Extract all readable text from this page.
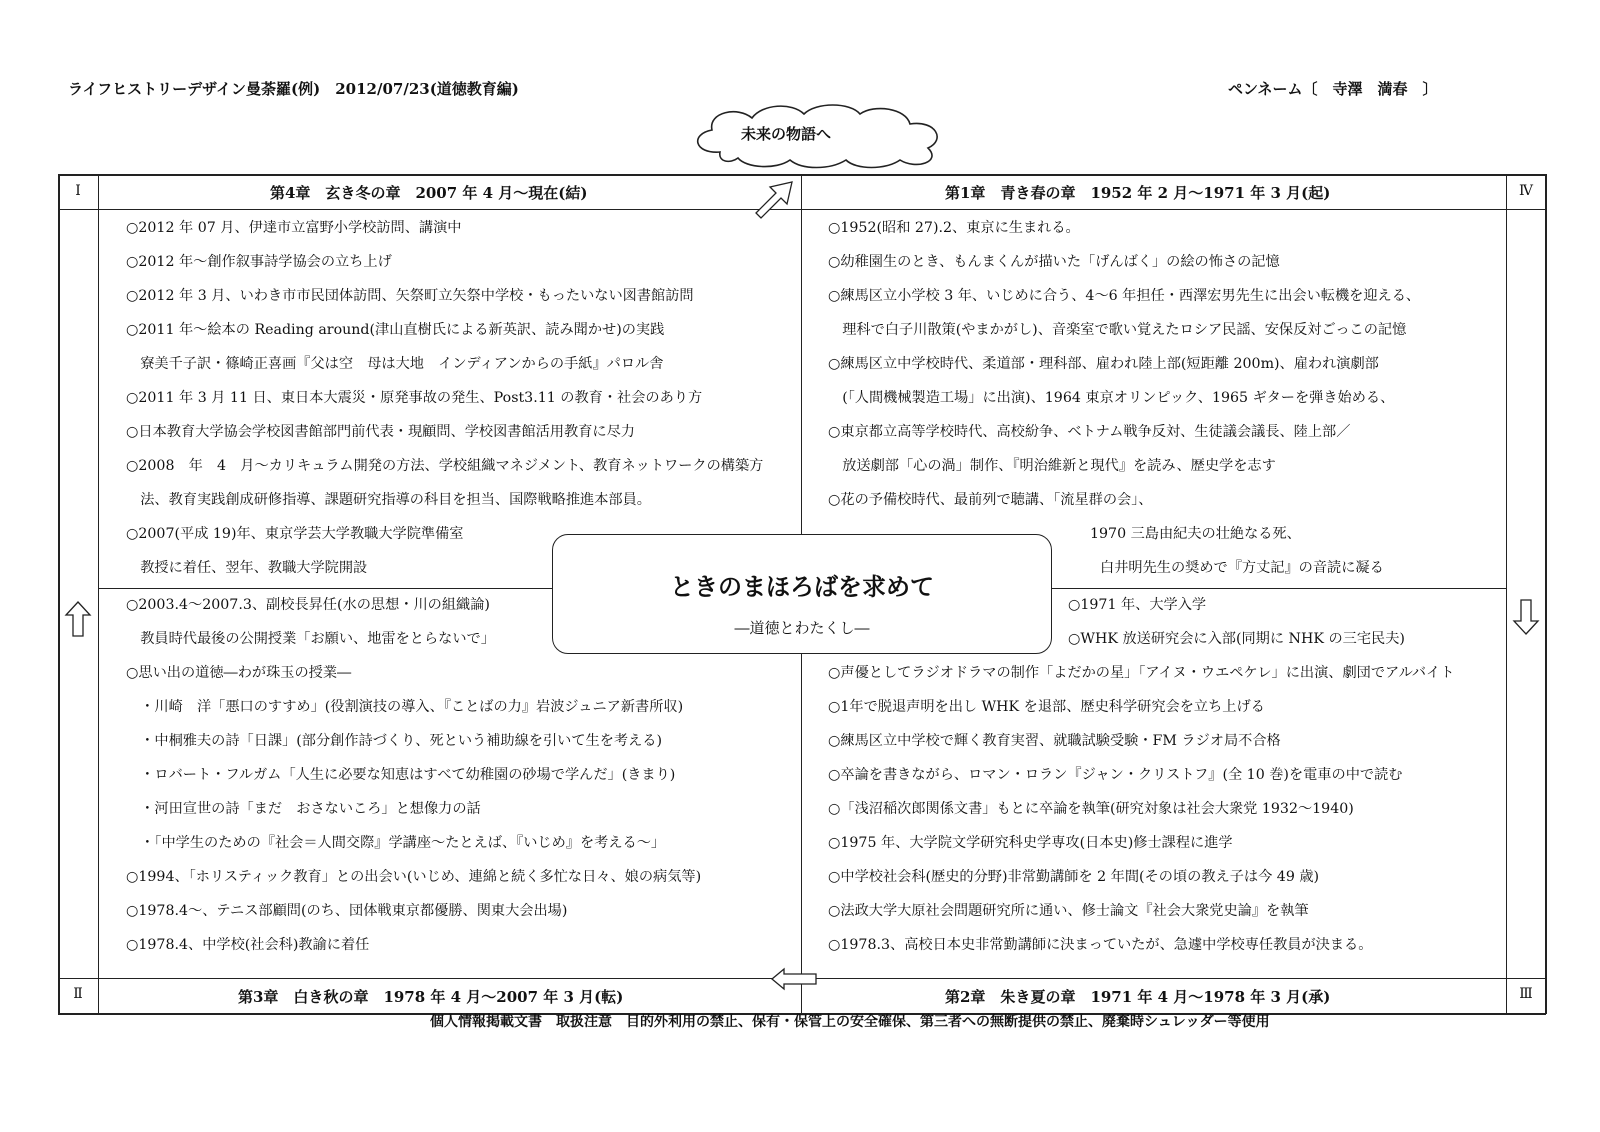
ライフヒストリーデザイン曼荼羅(例)　2012/07/23(道徳教育編)	ペンネーム〔　寺澤　満春　〕
未来の物語へ
Ⅰ	Ⅳ
Ⅱ	Ⅲ
第4章　玄き冬の章　2007 年 4 月～現在(結)	第1章　青き春の章　1952 年 2 月～1971 年 3 月(起)
第3章　白き秋の章　1978 年 4 月～2007 年 3 月(転)	第2章　朱き夏の章　1971 年 4 月～1978 年 3 月(承)
○2012 年 07 月、伊達市立富野小学校訪問、講演中
○2012 年～創作叙事詩学協会の立ち上げ
○2012 年 3 月、いわき市市民団体訪問、矢祭町立矢祭中学校・もったいない図書館訪問
○2011 年～絵本の Reading around(津山直樹氏による新英訳、読み聞かせ)の実践
　寮美千子訳・篠崎正喜画『父は空　母は大地　インディアンからの手紙』パロル舎
○2011 年 3 月 11 日、東日本大震災・原発事故の発生、Post3.11 の教育・社会のあり方
○日本教育大学協会学校図書館部門前代表・現顧問、学校図書館活用教育に尽力
○2008　年　4　月～カリキュラム開発の方法、学校組織マネジメント、教育ネットワークの構築方
　法、教育実践創成研修指導、課題研究指導の科目を担当、国際戦略推進本部員。
○2007(平成 19)年、東京学芸大学教職大学院準備室
　教授に着任、翌年、教職大学院開設
○1952(昭和 27).2、東京に生まれる。
○幼稚園生のとき、もんまくんが描いた「げんばく」の絵の怖さの記憶
○練馬区立小学校 3 年、いじめに合う、4～6 年担任・西澤宏男先生に出会い転機を迎える、
　理科で白子川散策(やまかがし)、音楽室で歌い覚えたロシア民謡、安保反対ごっこの記憶
○練馬区立中学校時代、柔道部・理科部、雇われ陸上部(短距離 200m)、雇われ演劇部
　(「人間機械製造工場」に出演)、1964 東京オリンピック、1965 ギターを弾き始める、
○東京都立高等学校時代、高校紛争、ベトナム戦争反対、生徒議会議長、陸上部／
　放送劇部「心の渦」制作、『明治維新と現代』を読み、歴史学を志す
○花の予備校時代、最前列で聴講、「流星群の会」、
1970 三島由紀夫の壮絶なる死、
白井明先生の奨めで『方丈記』の音読に凝る
○2003.4～2007.3、副校長昇任(水の思想・川の組織論)
　教員時代最後の公開授業「お願い、地雷をとらないで」
○思い出の道徳―わが珠玉の授業―
　・川崎　洋「悪口のすすめ」(役割演技の導入、『ことばの力』岩波ジュニア新書所収)
　・中桐雅夫の詩「日課」(部分創作詩づくり、死という補助線を引いて生を考える)
　・ロバート・フルガム「人生に必要な知恵はすべて幼稚園の砂場で学んだ」(きまり)
　・河田宣世の詩「まだ　おさないころ」と想像力の話
　・「中学生のための『社会＝人間交際』学講座～たとえば、『いじめ』を考える～」
○1994、「ホリスティック教育」との出会い(いじめ、連綿と続く多忙な日々、娘の病気等)
○1978.4～、テニス部顧問(のち、団体戦東京都優勝、関東大会出場)
○1978.4、中学校(社会科)教諭に着任
○1971 年、大学入学
○WHK 放送研究会に入部(同期に NHK の三宅民夫)
○声優としてラジオドラマの制作「よだかの星」「アイヌ・ウエペケレ」に出演、劇団でアルバイト
○1年で脱退声明を出し WHK を退部、歴史科学研究会を立ち上げる
○練馬区立中学校で輝く教育実習、就職試験受験・FM ラジオ局不合格
○卒論を書きながら、ロマン・ロラン『ジャン・クリストフ』(全 10 巻)を電車の中で読む
○「浅沼稲次郎関係文書」もとに卒論を執筆(研究対象は社会大衆党 1932～1940)
○1975 年、大学院文学研究科史学専攻(日本史)修士課程に進学
○中学校社会科(歴史的分野)非常勤講師を 2 年間(その頃の教え子は今 49 歳)
○法政大学大原社会問題研究所に通い、修士論文『社会大衆党史論』を執筆
○1978.3、高校日本史非常勤講師に決まっていたが、急遽中学校専任教員が決まる。
ときのまほろばを求めて
―道徳とわたくし―
個人情報掲載文書　取扱注意　目的外利用の禁止、保有・保管上の安全確保、第三者への無断提供の禁止、廃棄時シュレッダー等使用
